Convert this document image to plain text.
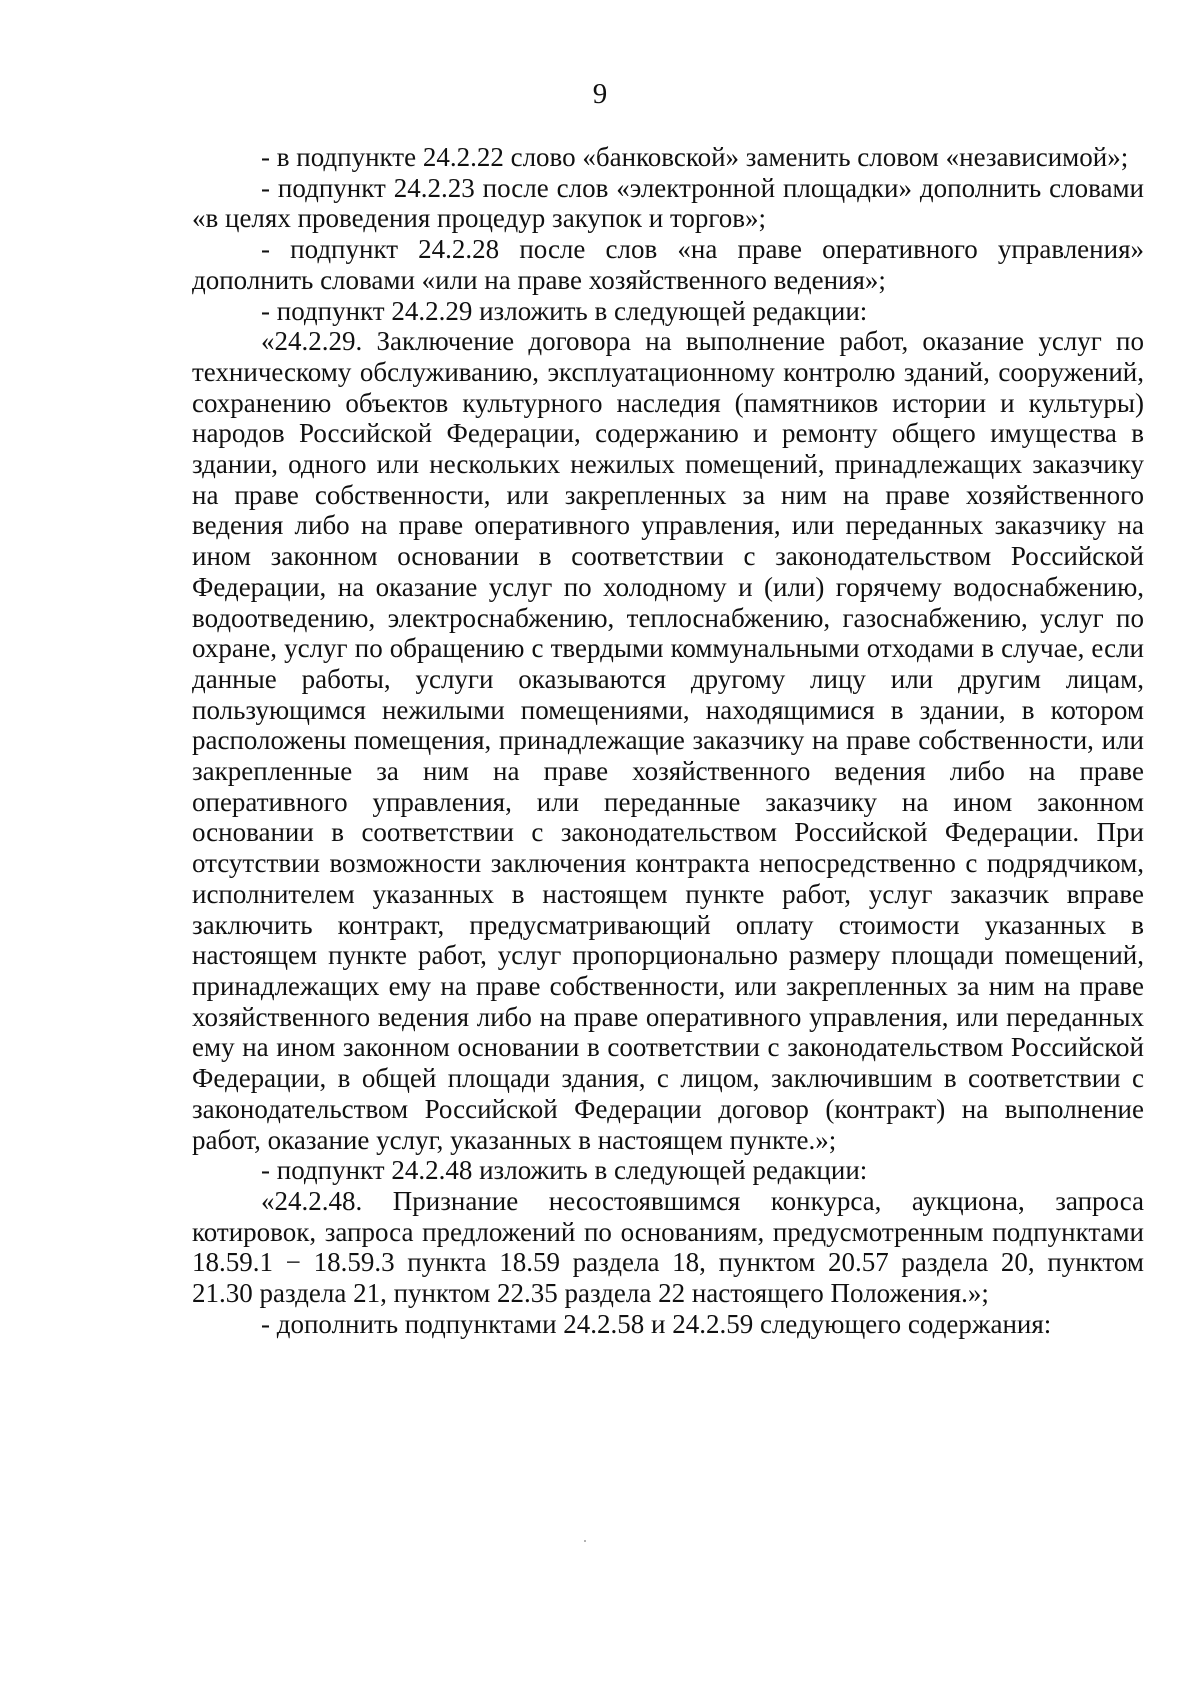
9

- в подпункте 24.2.22 слово «банковской» заменить словом «независимой»;

- подпункт 24.2.23 после слов «электронной площадки» дополнить словами «в целях проведения процедур закупок и торгов»;

- подпункт 24.2.28 после слов «на праве оперативного управления» дополнить словами «или на праве хозяйственного ведения»;

- подпункт 24.2.29 изложить в следующей редакции:

«24.2.29. Заключение договора на выполнение работ, оказание услуг по техническому обслуживанию, эксплуатационному контролю зданий, сооружений, сохранению объектов культурного наследия (памятников истории и культуры) народов Российской Федерации, содержанию и ремонту общего имущества в здании, одного или нескольких нежилых помещений, принадлежащих заказчику на праве собственности, или закрепленных за ним на праве хозяйственного ведения либо на праве оперативного управления, или переданных заказчику на ином законном основании в соответствии с законодательством Российской Федерации, на оказание услуг по холодному и (или) горячему водоснабжению, водоотведению, электроснабжению, теплоснабжению, газоснабжению, услуг по охране, услуг по обращению с твердыми коммунальными отходами в случае, если данные работы, услуги оказываются другому лицу или другим лицам, пользующимся нежилыми помещениями, находящимися в здании, в котором расположены помещения, принадлежащие заказчику на праве собственности, или закрепленные за ним на праве хозяйственного ведения либо на праве оперативного управления, или переданные заказчику на ином законном основании в соответствии с законодательством Российской Федерации. При отсутствии возможности заключения контракта непосредственно с подрядчиком, исполнителем указанных в настоящем пункте работ, услуг заказчик вправе заключить контракт, предусматривающий оплату стоимости указанных в настоящем пункте работ, услуг пропорционально размеру площади помещений, принадлежащих ему на праве собственности, или закрепленных за ним на праве хозяйственного ведения либо на праве оперативного управления, или переданных ему на ином законном основании в соответствии с законодательством Российской Федерации, в общей площади здания, с лицом, заключившим в соответствии с законодательством Российской Федерации договор (контракт) на выполнение работ, оказание услуг, указанных в настоящем пункте.»;

- подпункт 24.2.48 изложить в следующей редакции:

«24.2.48. Признание несостоявшимся конкурса, аукциона, запроса котировок, запроса предложений по основаниям, предусмотренным подпунктами 18.59.1 − 18.59.3 пункта 18.59 раздела 18, пунктом 20.57 раздела 20, пунктом 21.30 раздела 21, пунктом 22.35 раздела 22 настоящего Положения.»;

- дополнить подпунктами 24.2.58 и 24.2.59 следующего содержания:
